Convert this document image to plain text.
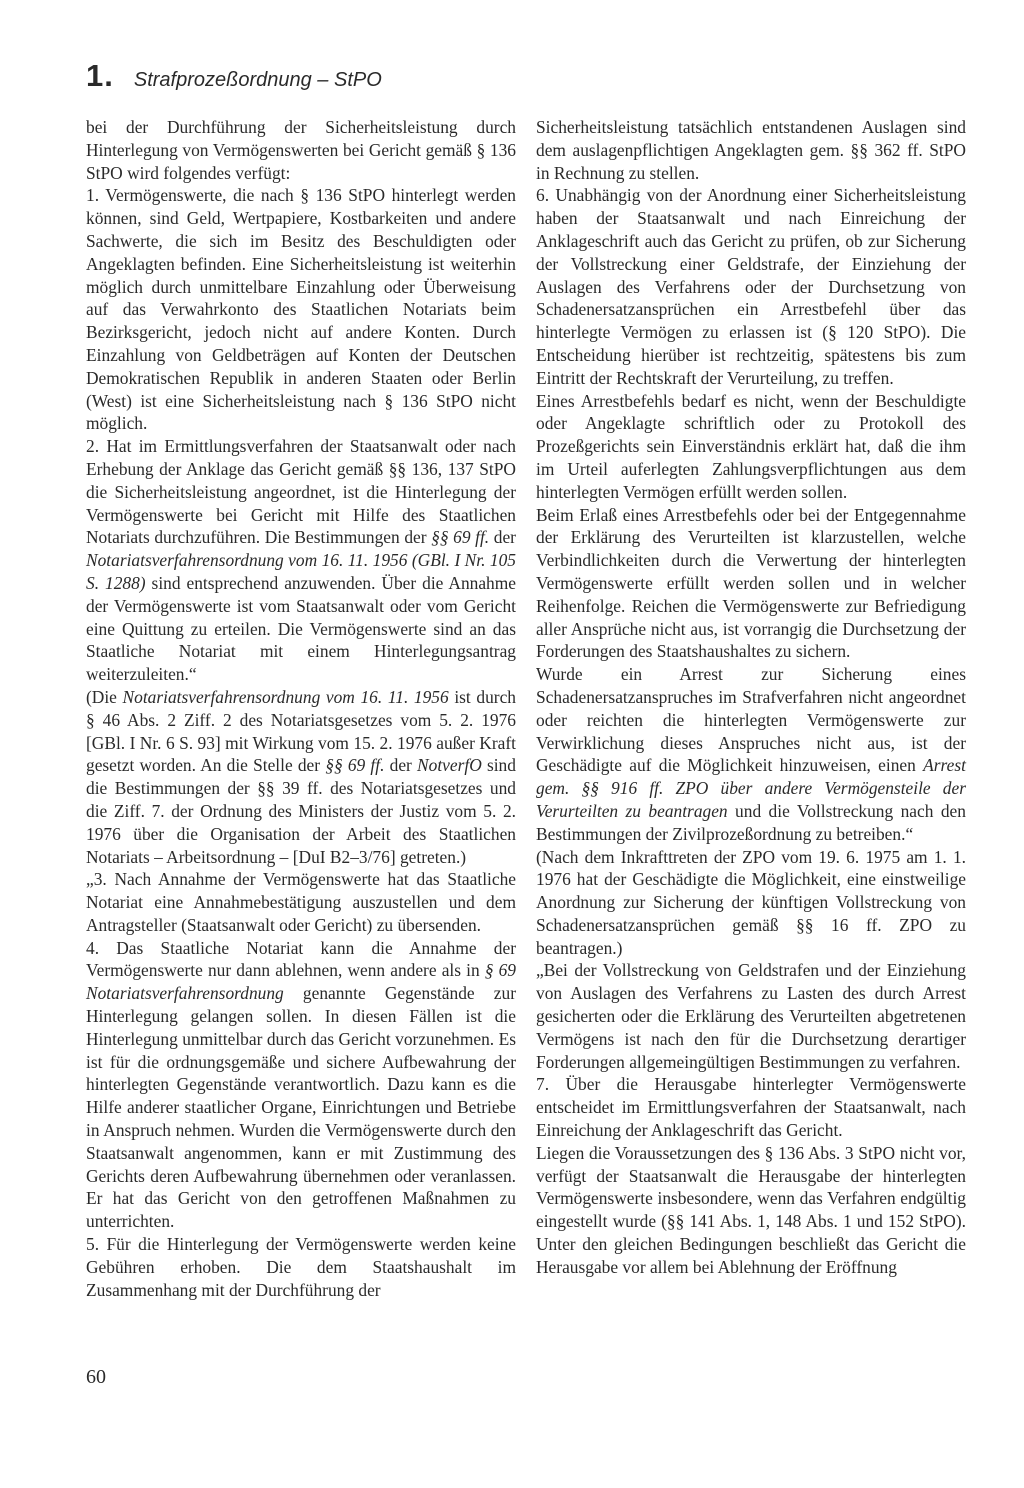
1. Strafprozeßordnung – StPO

bei der Durchführung der Sicherheitsleistung durch Hinterlegung von Vermögenswerten bei Gericht gemäß § 136 StPO wird folgendes verfügt:

1. Vermögenswerte, die nach § 136 StPO hinterlegt werden können, sind Geld, Wertpapiere, Kostbarkeiten und andere Sachwerte, die sich im Besitz des Beschuldigten oder Angeklagten befinden. Eine Sicherheitsleistung ist weiterhin möglich durch unmittelbare Einzahlung oder Überweisung auf das Verwahrkonto des Staatlichen Notariats beim Bezirksgericht, jedoch nicht auf andere Konten. Durch Einzahlung von Geldbeträgen auf Konten der Deutschen Demokratischen Republik in anderen Staaten oder Berlin (West) ist eine Sicherheitsleistung nach § 136 StPO nicht möglich.

2. Hat im Ermittlungsverfahren der Staatsanwalt oder nach Erhebung der Anklage das Gericht gemäß §§ 136, 137 StPO die Sicherheitsleistung angeordnet, ist die Hinterlegung der Vermögenswerte bei Gericht mit Hilfe des Staatlichen Notariats durchzuführen. Die Bestimmungen der §§ 69 ff. der Notariatsverfahrensordnung vom 16. 11. 1956 (GBl. I Nr. 105 S. 1288) sind entsprechend anzuwenden. Über die Annahme der Vermögenswerte ist vom Staatsanwalt oder vom Gericht eine Quittung zu erteilen. Die Vermögenswerte sind an das Staatliche Notariat mit einem Hinterlegungsantrag weiterzuleiten.“

(Die Notariatsverfahrensordnung vom 16. 11. 1956 ist durch § 46 Abs. 2 Ziff. 2 des Notariatsgesetzes vom 5. 2. 1976 [GBl. I Nr. 6 S. 93] mit Wirkung vom 15. 2. 1976 außer Kraft gesetzt worden. An die Stelle der §§ 69 ff. der NotverfO sind die Bestimmungen der §§ 39 ff. des Notariatsgesetzes und die Ziff. 7. der Ordnung des Ministers der Justiz vom 5. 2. 1976 über die Organisation der Arbeit des Staatlichen Notariats – Arbeitsordnung – [DuI B2–3/76] getreten.)

„3. Nach Annahme der Vermögenswerte hat das Staatliche Notariat eine Annahmebestätigung auszustellen und dem Antragsteller (Staatsanwalt oder Gericht) zu übersenden.

4. Das Staatliche Notariat kann die Annahme der Vermögenswerte nur dann ablehnen, wenn andere als in § 69 Notariatsverfahrensordnung genannte Gegenstände zur Hinterlegung gelangen sollen. In diesen Fällen ist die Hinterlegung unmittelbar durch das Gericht vorzunehmen. Es ist für die ordnungsgemäße und sichere Aufbewahrung der hinterlegten Gegenstände verantwortlich. Dazu kann es die Hilfe anderer staatlicher Organe, Einrichtungen und Betriebe in Anspruch nehmen. Wurden die Vermögenswerte durch den Staatsanwalt angenommen, kann er mit Zustimmung des Gerichts deren Aufbewahrung übernehmen oder veranlassen. Er hat das Gericht von den getroffenen Maßnahmen zu unterrichten.

5. Für die Hinterlegung der Vermögenswerte werden keine Gebühren erhoben. Die dem Staatshaushalt im Zusammenhang mit der Durchführung der

Sicherheitsleistung tatsächlich entstandenen Auslagen sind dem auslagenpflichtigen Angeklagten gem. §§ 362 ff. StPO in Rechnung zu stellen.

6. Unabhängig von der Anordnung einer Sicherheitsleistung haben der Staatsanwalt und nach Einreichung der Anklageschrift auch das Gericht zu prüfen, ob zur Sicherung der Vollstreckung einer Geldstrafe, der Einziehung der Auslagen des Verfahrens oder der Durchsetzung von Schadenersatzansprüchen ein Arrestbefehl über das hinterlegte Vermögen zu erlassen ist (§ 120 StPO). Die Entscheidung hierüber ist rechtzeitig, spätestens bis zum Eintritt der Rechtskraft der Verurteilung, zu treffen.

Eines Arrestbefehls bedarf es nicht, wenn der Beschuldigte oder Angeklagte schriftlich oder zu Protokoll des Prozeßgerichts sein Einverständnis erklärt hat, daß die ihm im Urteil auferlegten Zahlungsverpflichtungen aus dem hinterlegten Vermögen erfüllt werden sollen.

Beim Erlaß eines Arrestbefehls oder bei der Entgegennahme der Erklärung des Verurteilten ist klarzustellen, welche Verbindlichkeiten durch die Verwertung der hinterlegten Vermögenswerte erfüllt werden sollen und in welcher Reihenfolge. Reichen die Vermögenswerte zur Befriedigung aller Ansprüche nicht aus, ist vorrangig die Durchsetzung der Forderungen des Staatshaushaltes zu sichern.

Wurde ein Arrest zur Sicherung eines Schadenersatzanspruches im Strafverfahren nicht angeordnet oder reichten die hinterlegten Vermögenswerte zur Verwirklichung dieses Anspruches nicht aus, ist der Geschädigte auf die Möglichkeit hinzuweisen, einen Arrest gem. §§ 916 ff. ZPO über andere Vermögensteile der Verurteilten zu beantragen und die Vollstreckung nach den Bestimmungen der Zivilprozeßordnung zu betreiben.“

(Nach dem Inkrafttreten der ZPO vom 19. 6. 1975 am 1. 1. 1976 hat der Geschädigte die Möglichkeit, eine einstweilige Anordnung zur Sicherung der künftigen Vollstreckung von Schadenersatzansprüchen gemäß §§ 16 ff. ZPO zu beantragen.)

„Bei der Vollstreckung von Geldstrafen und der Einziehung von Auslagen des Verfahrens zu Lasten des durch Arrest gesicherten oder die Erklärung des Verurteilten abgetretenen Vermögens ist nach den für die Durchsetzung derartiger Forderungen allgemeingültigen Bestimmungen zu verfahren.

7. Über die Herausgabe hinterlegter Vermögenswerte entscheidet im Ermittlungsverfahren der Staatsanwalt, nach Einreichung der Anklageschrift das Gericht.

Liegen die Voraussetzungen des § 136 Abs. 3 StPO nicht vor, verfügt der Staatsanwalt die Herausgabe der hinterlegten Vermögenswerte insbesondere, wenn das Verfahren endgültig eingestellt wurde (§§ 141 Abs. 1, 148 Abs. 1 und 152 StPO). Unter den gleichen Bedingungen beschließt das Gericht die Herausgabe vor allem bei Ablehnung der Eröffnung

60
